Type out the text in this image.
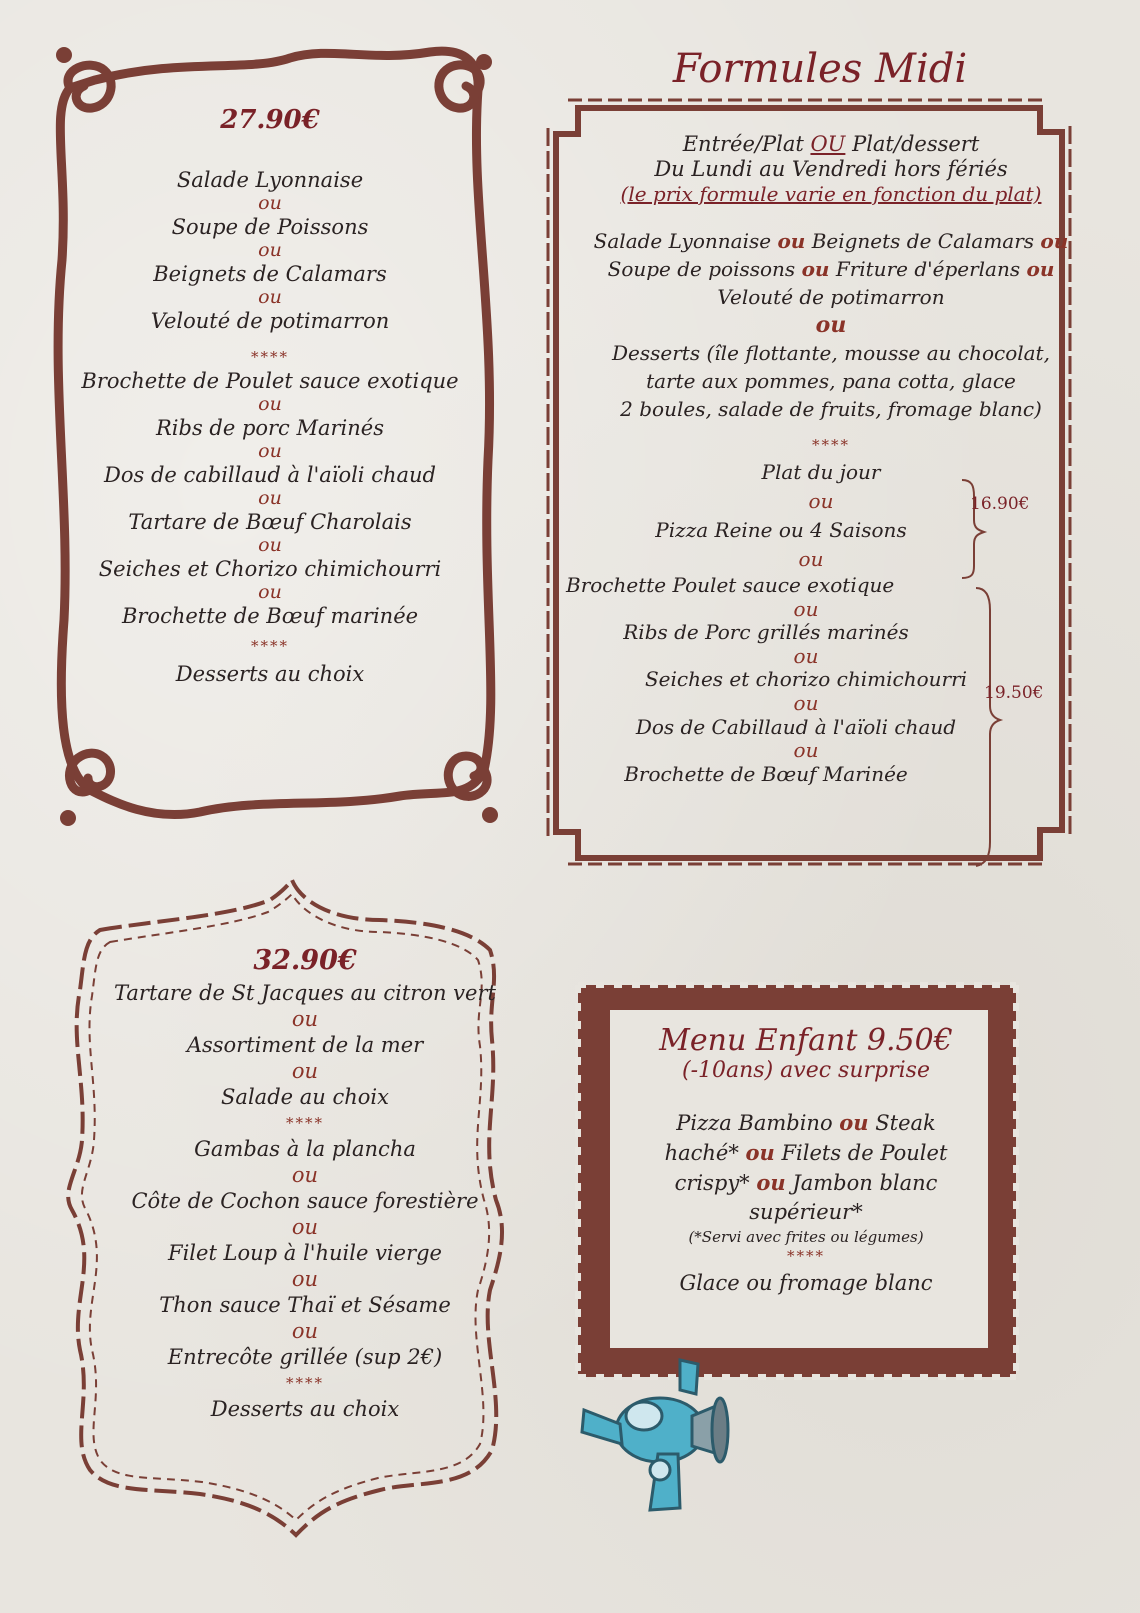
27.90€
Salade Lyonnaise
ou
Soupe de Poissons
ou
Beignets de Calamars
ou
Velouté de potimarron
****
Brochette de Poulet sauce exotique
ou
Ribs de porc Marinés
ou
Dos de cabillaud à l'aïoli chaud
ou
Tartare de Bœuf Charolais
ou
Seiches et Chorizo chimichourri
ou
Brochette de Bœuf marinée
****
Desserts au choix
Formules Midi
Entrée/Plat OU Plat/dessert
Du Lundi au Vendredi hors fériés
(le prix formule varie en fonction du plat)
Salade Lyonnaise ou Beignets de Calamars ou
Soupe de poissons ou Friture d'éperlans ou
Velouté de potimarron
ou
Desserts (île flottante, mousse au chocolat,
tarte aux pommes, pana cotta, glace
2 boules, salade de fruits, fromage blanc)
****
Plat du jour
ou
Pizza Reine ou 4 Saisons
16.90€
ou
Brochette Poulet sauce exotique
ou
Ribs de Porc grillés marinés
ou
Seiches et chorizo chimichourri
ou
Dos de Cabillaud à l'aïoli chaud
ou
Brochette de Bœuf Marinée
19.50€
32.90€
Tartare de St Jacques au citron vert
ou
Assortiment de la mer
ou
Salade au choix
****
Gambas à la plancha
ou
Côte de Cochon sauce forestière
ou
Filet Loup à l'huile vierge
ou
Thon sauce Thaï et Sésame
ou
Entrecôte grillée (sup 2€)
****
Desserts au choix
Menu Enfant 9.50€
(-10ans) avec surprise
Pizza Bambino ou Steak
haché* ou Filets de Poulet
crispy* ou Jambon blanc
supérieur*
(*Servi avec frites ou légumes)
****
Glace ou fromage blanc
